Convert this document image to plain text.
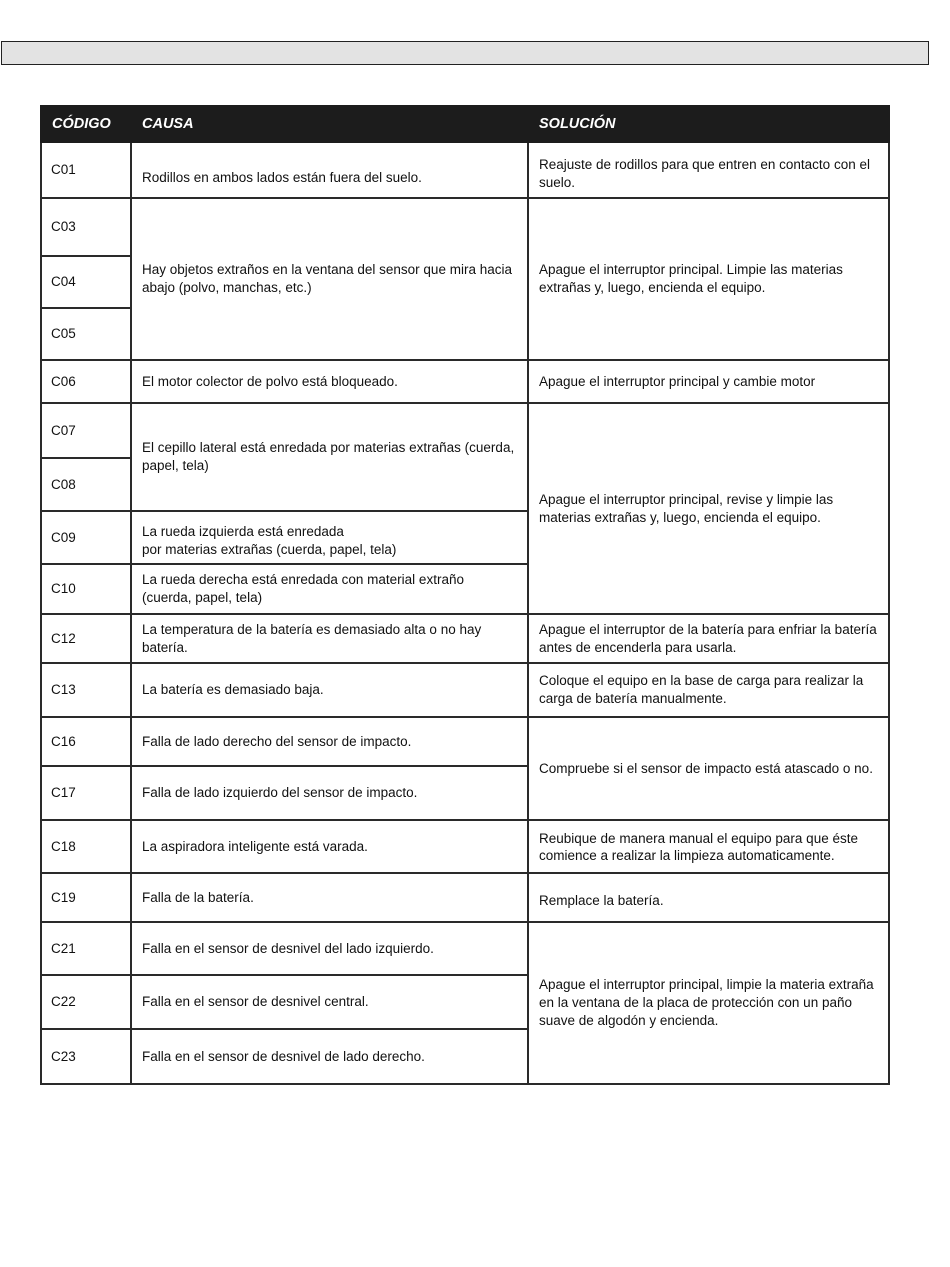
CÓDIGO	CAUSA	SOLUCIÓN
C01	Rodillos en ambos lados están fuera del suelo.	Reajuste de rodillos para que entren en contacto con el suelo.
C03	Hay objetos extraños en la ventana del sensor que mira hacia abajo (polvo, manchas, etc.)	Apague el interruptor principal. Limpie las materias extrañas y, luego, encienda el equipo.
C04		
C05		
C06	El motor colector de polvo está bloqueado.	Apague el interruptor principal y cambie motor
C07	El cepillo lateral está enredada por materias extrañas (cuerda, papel, tela)	Apague el interruptor principal, revise y limpie las materias extrañas y, luego, encienda el equipo.
C08		
C09	La rueda izquierda está enredada
por materias extrañas (cuerda, papel, tela)	

C10	La rueda derecha está enredada con material extraño (cuerda, papel, tela)	
C12	La temperatura de la batería es demasiado alta o no hay batería.	Apague el interruptor de la batería para enfriar la batería antes de encenderla para usarla.
C13	La batería es demasiado baja.	Coloque el equipo en la base de carga para realizar la carga de batería manualmente.
C16	Falla de lado derecho del sensor de impacto.	Compruebe si el sensor de impacto está atascado o no.
C17	Falla de lado izquierdo del sensor de impacto.	
C18	La aspiradora inteligente está varada.	Reubique de manera manual el equipo para que éste comience a realizar la limpieza automaticamente.
C19	Falla de la batería.	Remplace la batería.
C21	Falla en el sensor de desnivel del lado izquierdo.	Apague el interruptor principal, limpie la materia extraña en la ventana de la placa de protección con un paño suave de algodón y encienda.
C22	Falla en el sensor de desnivel central.	
C23	Falla en el sensor de desnivel de lado derecho.	
